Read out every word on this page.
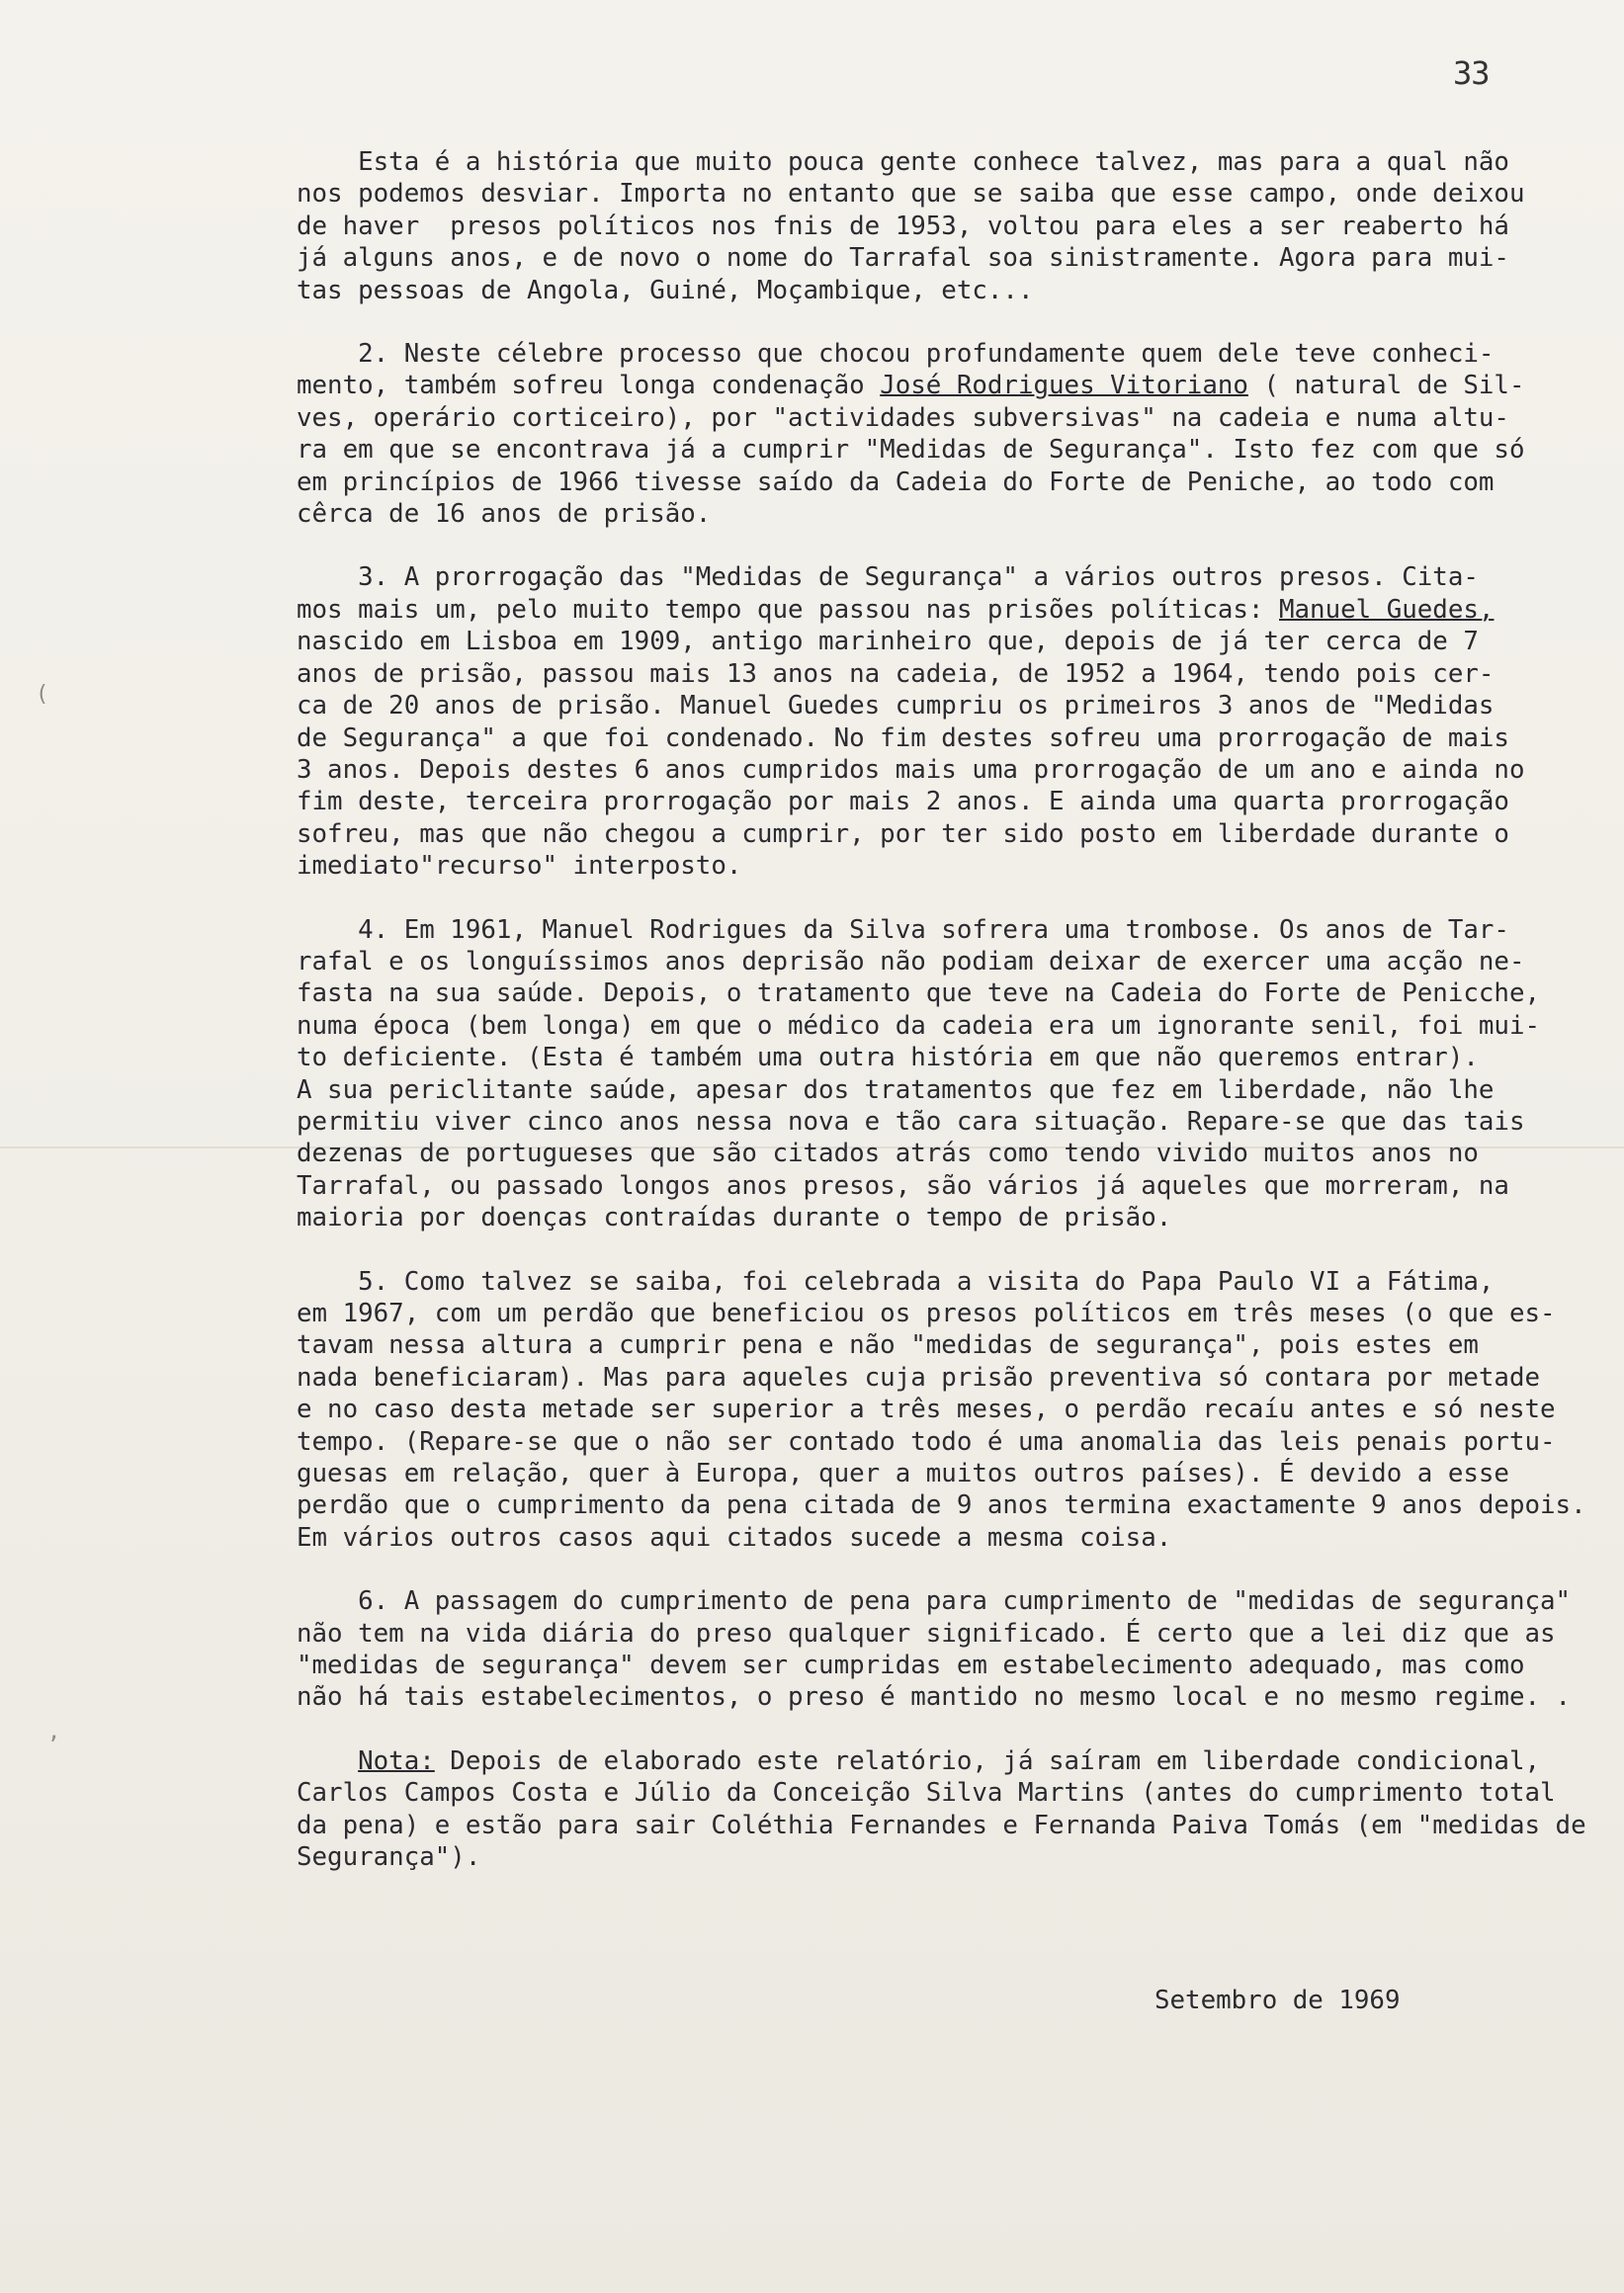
33
(
,
Esta é a história que muito pouca gente conhece talvez, mas para a qual não
nos podemos desviar. Importa no entanto que se saiba que esse campo, onde deixou
de haver  presos políticos nos fnis de 1953, voltou para eles a ser reaberto há
já alguns anos, e de novo o nome do Tarrafal soa sinistramente. Agora para mui-
tas pessoas de Angola, Guiné, Moçambique, etc...
2. Neste célebre processo que chocou profundamente quem dele teve conheci-
mento, também sofreu longa condenação José Rodrigues Vitoriano ( natural de Sil-
ves, operário corticeiro), por "actividades subversivas" na cadeia e numa altu-
ra em que se encontrava já a cumprir "Medidas de Segurança". Isto fez com que só
em princípios de 1966 tivesse saído da Cadeia do Forte de Peniche, ao todo com
cêrca de 16 anos de prisão.
3. A prorrogação das "Medidas de Segurança" a vários outros presos. Cita-
mos mais um, pelo muito tempo que passou nas prisões políticas: Manuel Guedes,
nascido em Lisboa em 1909, antigo marinheiro que, depois de já ter cerca de 7
anos de prisão, passou mais 13 anos na cadeia, de 1952 a 1964, tendo pois cer-
ca de 20 anos de prisão. Manuel Guedes cumpriu os primeiros 3 anos de "Medidas
de Segurança" a que foi condenado. No fim destes sofreu uma prorrogação de mais
3 anos. Depois destes 6 anos cumpridos mais uma prorrogação de um ano e ainda no
fim deste, terceira prorrogação por mais 2 anos. E ainda uma quarta prorrogação
sofreu, mas que não chegou a cumprir, por ter sido posto em liberdade durante o
imediato"recurso" interposto.
4. Em 1961, Manuel Rodrigues da Silva sofrera uma trombose. Os anos de Tar-
rafal e os longuíssimos anos deprisão não podiam deixar de exercer uma acção ne-
fasta na sua saúde. Depois, o tratamento que teve na Cadeia do Forte de Penicche,
numa época (bem longa) em que o médico da cadeia era um ignorante senil, foi mui-
to deficiente. (Esta é também uma outra história em que não queremos entrar).
A sua periclitante saúde, apesar dos tratamentos que fez em liberdade, não lhe
permitiu viver cinco anos nessa nova e tão cara situação. Repare-se que das tais
dezenas de portugueses que são citados atrás como tendo vivido muitos anos no
Tarrafal, ou passado longos anos presos, são vários já aqueles que morreram, na
maioria por doenças contraídas durante o tempo de prisão.
5. Como talvez se saiba, foi celebrada a visita do Papa Paulo VI a Fátima,
em 1967, com um perdão que beneficiou os presos políticos em três meses (o que es-
tavam nessa altura a cumprir pena e não "medidas de segurança", pois estes em
nada beneficiaram). Mas para aqueles cuja prisão preventiva só contara por metade
e no caso desta metade ser superior a três meses, o perdão recaíu antes e só neste
tempo. (Repare-se que o não ser contado todo é uma anomalia das leis penais portu-
guesas em relação, quer à Europa, quer a muitos outros países). É devido a esse
perdão que o cumprimento da pena citada de 9 anos termina exactamente 9 anos depois.
Em vários outros casos aqui citados sucede a mesma coisa.
6. A passagem do cumprimento de pena para cumprimento de "medidas de segurança"
não tem na vida diária do preso qualquer significado. É certo que a lei diz que as
"medidas de segurança" devem ser cumpridas em estabelecimento adequado, mas como
não há tais estabelecimentos, o preso é mantido no mesmo local e no mesmo regime. .
Nota: Depois de elaborado este relatório, já saíram em liberdade condicional,
Carlos Campos Costa e Júlio da Conceição Silva Martins (antes do cumprimento total
da pena) e estão para sair Coléthia Fernandes e Fernanda Paiva Tomás (em "medidas de
Segurança").
Setembro de 1969
